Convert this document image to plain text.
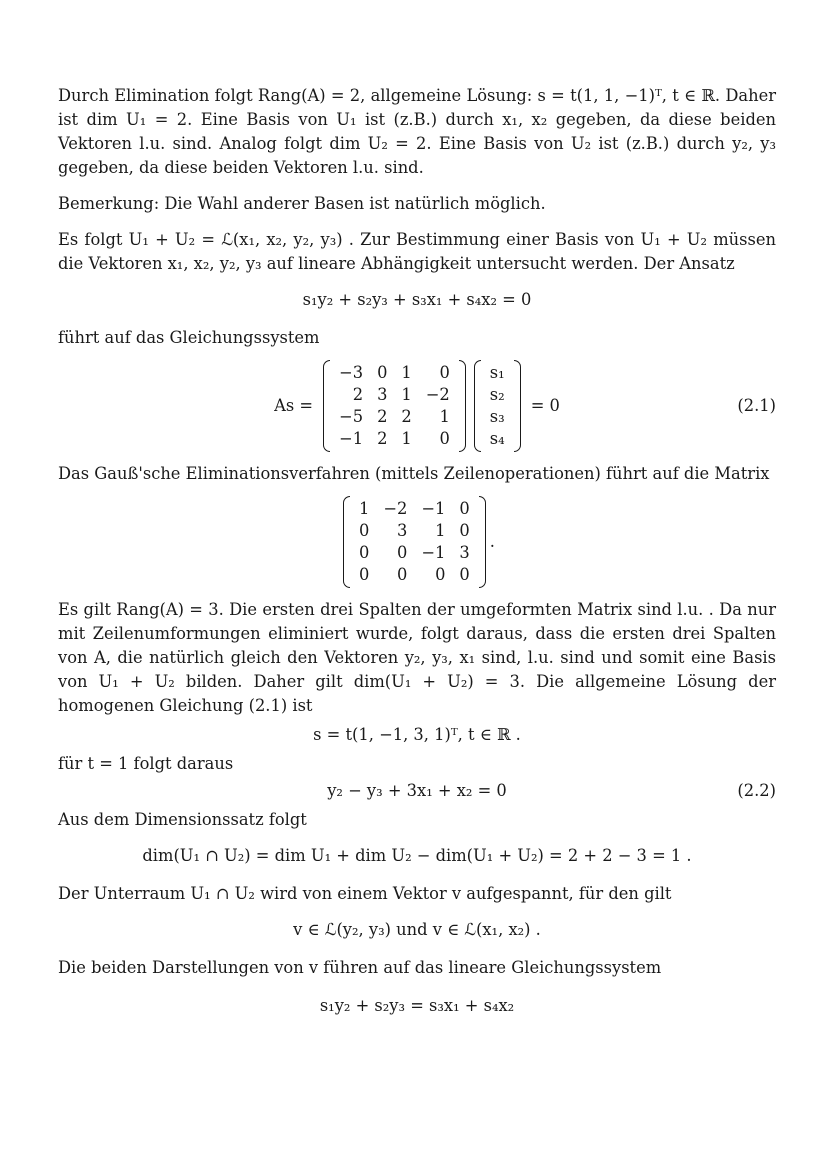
Durch Elimination folgt Rang(A) = 2, allgemeine Lösung: s = t(1, 1, −1)ᵀ, t ∈ ℝ. Daher ist dim U₁ = 2. Eine Basis von U₁ ist (z.B.) durch x₁, x₂ gegeben, da diese beiden Vektoren l.u. sind. Analog folgt dim U₂ = 2. Eine Basis von U₂ ist (z.B.) durch y₂, y₃ gegeben, da diese beiden Vektoren l.u. sind.

Bemerkung: Die Wahl anderer Basen ist natürlich möglich.

Es folgt U₁ + U₂ = ℒ(x₁, x₂, y₂, y₃) . Zur Bestimmung einer Basis von U₁ + U₂ müssen die Vektoren x₁, x₂, y₂, y₃ auf lineare Abhängigkeit untersucht werden. Der Ansatz

s₁y₂ + s₂y₃ + s₃x₁ + s₄x₂ = 0

führt auf das Gleichungssystem

As =
−3	0	1	0
2	3	1	−2
−5	2	2	1
−1	2	1	0
s₁
s₂
s₃
s₄
= 0	(2.1)

Das Gauß'sche Eliminationsverfahren (mittels Zeilenoperationen) führt auf die Matrix

1	−2	−1	0
0	3	1	0
0	0	−1	3
0	0	0	0
.

Es gilt Rang(A) = 3. Die ersten drei Spalten der umgeformten Matrix sind l.u. . Da nur mit Zeilenumformungen eliminiert wurde, folgt daraus, dass die ersten drei Spalten von A, die natürlich gleich den Vektoren y₂, y₃, x₁ sind, l.u. sind und somit eine Basis von U₁ + U₂ bilden. Daher gilt dim(U₁ + U₂) = 3. Die allgemeine Lösung der homogenen Gleichung (2.1) ist

s = t(1, −1, 3, 1)ᵀ, t ∈ ℝ .

für t = 1 folgt daraus

y₂ − y₃ + 3x₁ + x₂ = 0	(2.2)

Aus dem Dimensionssatz folgt

dim(U₁ ∩ U₂) = dim U₁ + dim U₂ − dim(U₁ + U₂) = 2 + 2 − 3 = 1 .

Der Unterraum U₁ ∩ U₂ wird von einem Vektor v aufgespannt, für den gilt

v ∈ ℒ(y₂, y₃) und v ∈ ℒ(x₁, x₂) .

Die beiden Darstellungen von v führen auf das lineare Gleichungssystem

s₁y₂ + s₂y₃ = s₃x₁ + s₄x₂
